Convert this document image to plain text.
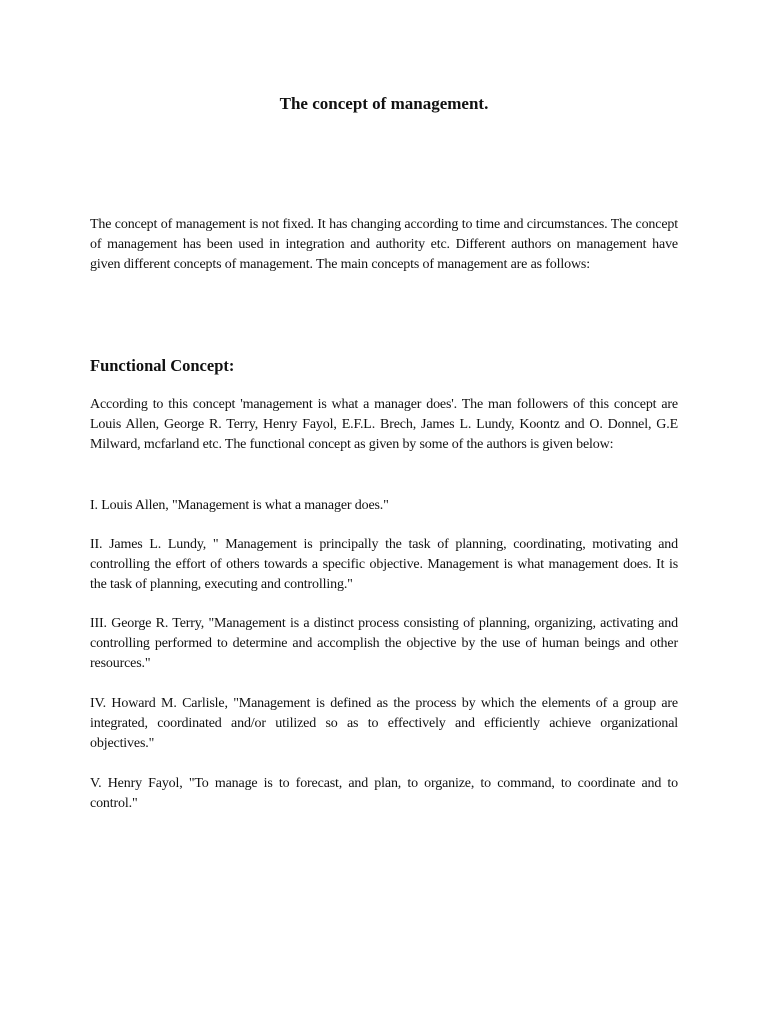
The concept of management.

The concept of management is not fixed. It has changing according to time and circumstances. The concept of management has been used in integration and authority etc. Different authors on management have given different concepts of management. The main concepts of management are as follows:

Functional Concept:

According to this concept 'management is what a manager does'. The man followers of this concept are Louis Allen, George R. Terry, Henry Fayol, E.F.L. Brech, James L. Lundy, Koontz and O. Donnel, G.E Milward, mcfarland etc. The functional concept as given by some of the authors is given below:

I. Louis Allen, "Management is what a manager does."

II. James L. Lundy, " Management is principally the task of planning, coordinating, motivating and controlling the effort of others towards a specific objective. Management is what management does. It is the task of planning, executing and controlling."

III. George R. Terry, "Management is a distinct process consisting of planning, organizing, activating and controlling performed to determine and accomplish the objective by the use of human beings and other resources."

IV. Howard M. Carlisle, "Management is defined as the process by which the elements of a group are integrated, coordinated and/or utilized so as to effectively and efficiently achieve organizational objectives."

V. Henry Fayol, "To manage is to forecast, and plan, to organize, to command, to coordinate and to control."
